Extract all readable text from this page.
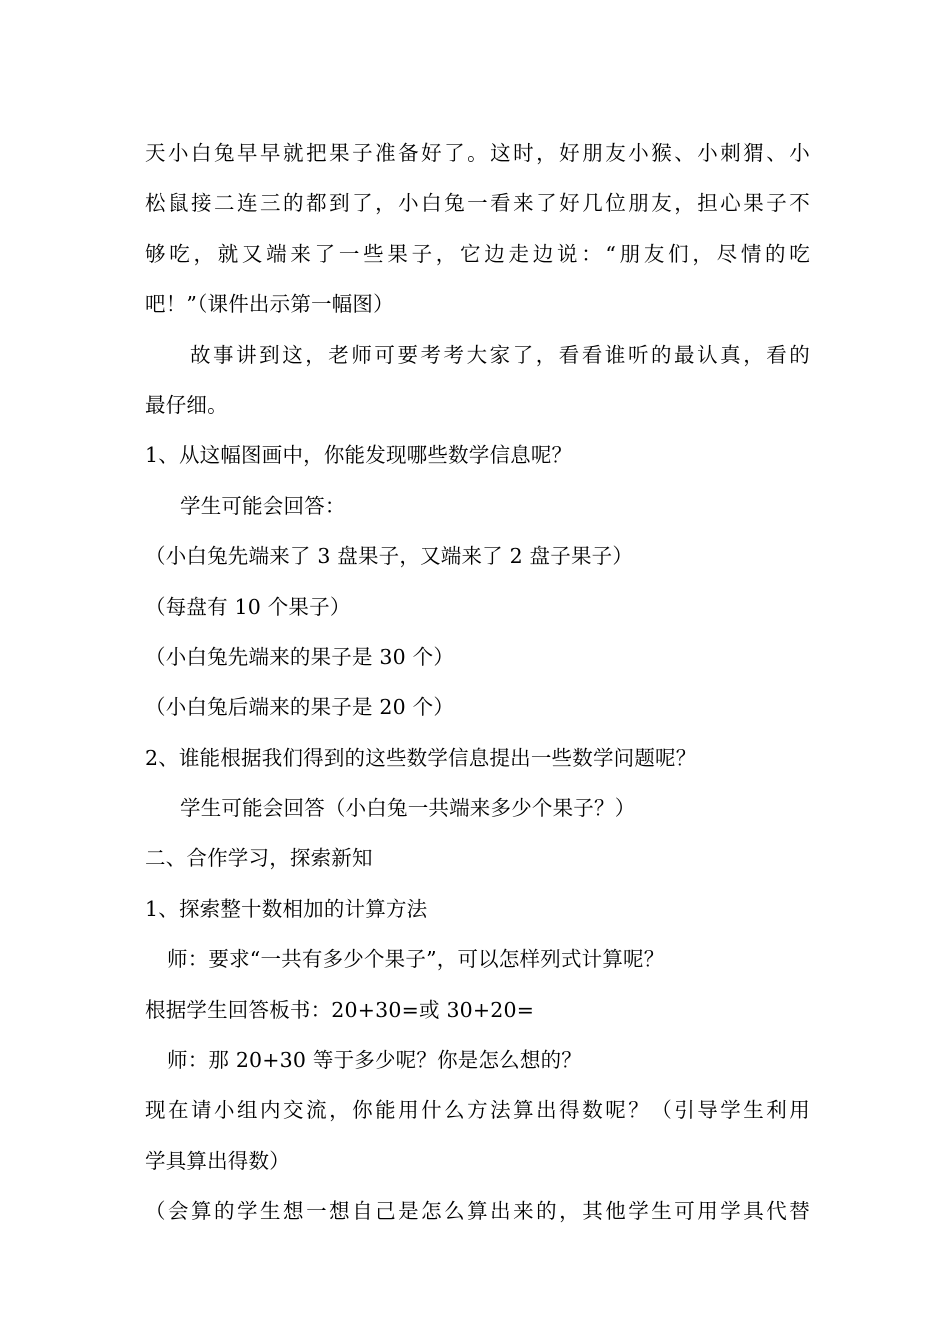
天小白兔早早就把果子准备好了。这时，好朋友小猴、小刺猬、小
松鼠接二连三的都到了，小白兔一看来了好几位朋友，担心果子不
够吃，就又端来了一些果子，它边走边说：“朋友们，尽情的吃
吧！”（课件出示第一幅图）
故事讲到这，老师可要考考大家了，看看谁听的最认真，看的
最仔细。
1、从这幅图画中，你能发现哪些数学信息呢？
学生可能会回答：
（小白兔先端来了 3 盘果子，又端来了 2 盘子果子）
（每盘有 10 个果子）
（小白兔先端来的果子是 30 个）
（小白兔后端来的果子是 20 个）
2、谁能根据我们得到的这些数学信息提出一些数学问题呢？
学生可能会回答（小白兔一共端来多少个果子？）
二、合作学习，探索新知
1、探索整十数相加的计算方法
师：要求“一共有多少个果子”，可以怎样列式计算呢？
根据学生回答板书：20+30=或 30+20=
师：那 20+30 等于多少呢？你是怎么想的？
现在请小组内交流，你能用什么方法算出得数呢？（引导学生利用
学具算出得数）
（会算的学生想一想自己是怎么算出来的，其他学生可用学具代替
